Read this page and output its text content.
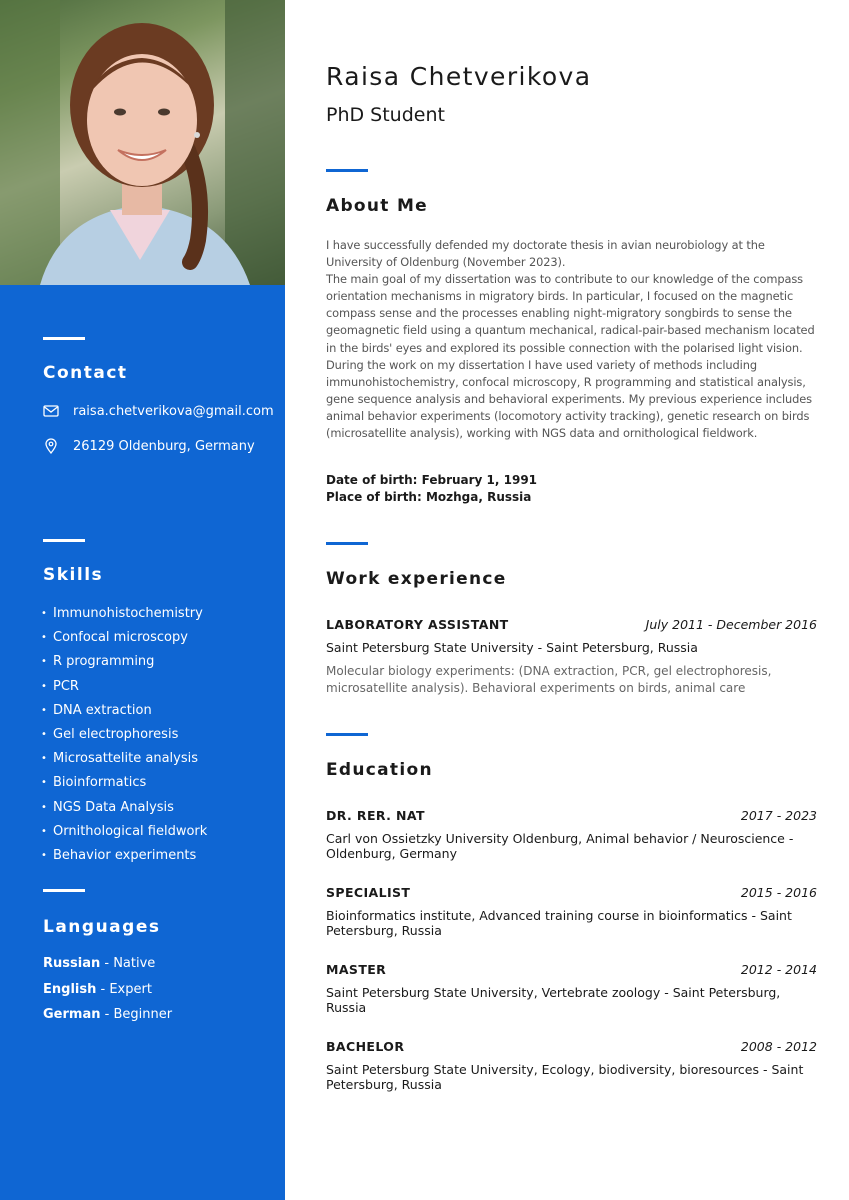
Contact
raisa.chetverikova@gmail.com
26129 Oldenburg, Germany
Skills
• Immunohistochemistry
• Confocal microscopy
• R programming
• PCR
• DNA extraction
• Gel electrophoresis
• Microsattelite analysis
• Bioinformatics
• NGS Data Analysis
• Ornithological fieldwork
• Behavior experiments
Languages
Russian - Native
English - Expert
German - Beginner
Raisa Chetverikova
PhD Student
About Me

I have successfully defended my doctorate thesis in avian neurobiology at the University of Oldenburg (November 2023).

The main goal of my dissertation was to contribute to our knowledge of the compass orientation mechanisms in migratory birds. In particular, I focused on the magnetic compass sense and the processes enabling night-migratory songbirds to sense the geomagnetic field using a quantum mechanical, radical-pair-based mechanism located in the birds' eyes and explored its possible connection with the polarised light vision. During the work on my dissertation I have used variety of methods including immunohistochemistry, confocal microscopy, R programming and statistical analysis, gene sequence analysis and behavioral experiments. My previous experience includes animal behavior experiments (locomotory activity tracking), genetic research on birds (microsatellite analysis), working with NGS data and ornithological fieldwork.

Date of birth: February 1, 1991
Place of birth: Mozhga, Russia
Work experience
LABORATORY ASSISTANT	July 2011 - December 2016
Saint Petersburg State University - Saint Petersburg, Russia
Molecular biology experiments: (DNA extraction, PCR, gel electrophoresis, microsatellite analysis). Behavioral experiments on birds, animal care
Education
DR. RER. NAT	2017 - 2023
Carl von Ossietzky University Oldenburg, Animal behavior / Neuroscience - Oldenburg, Germany
SPECIALIST	2015 - 2016
Bioinformatics institute, Advanced training course in bioinformatics - Saint Petersburg, Russia
MASTER	2012 - 2014
Saint Petersburg State University, Vertebrate zoology - Saint Petersburg, Russia
BACHELOR	2008 - 2012
Saint Petersburg State University, Ecology, biodiversity, bioresources - Saint Petersburg, Russia
